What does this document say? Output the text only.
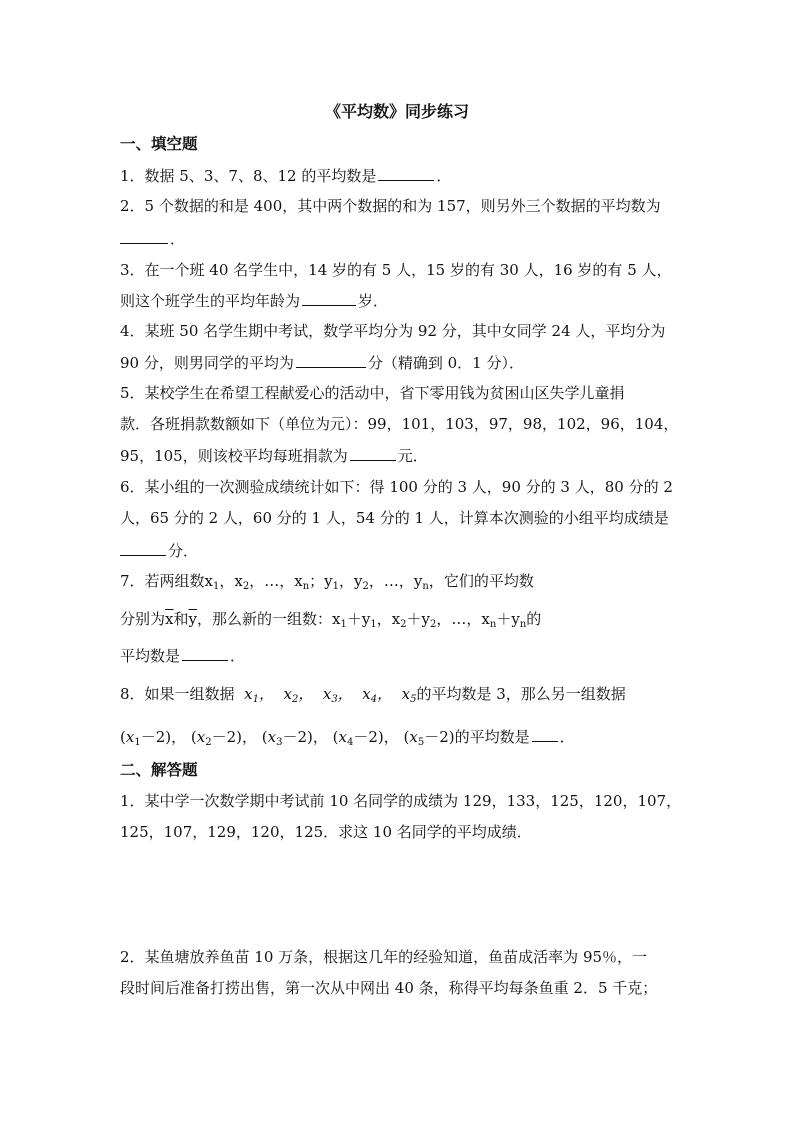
《平均数》同步练习
一、填空题
1．数据 5、3、7、8、12 的平均数是	．
2．5 个数据的和是 400，其中两个数据的和为 157，则另外三个数据的平均数为
．
3．在一个班 40 名学生中，14 岁的有 5 人，15 岁的有 30 人，16 岁的有 5 人，
则这个班学生的平均年龄为	岁．
4．某班 50 名学生期中考试，数学平均分为 92 分，其中女同学 24 人，平均分为
90 分，则男同学的平均为	分（精确到 0．1 分）．
5．某校学生在希望工程献爱心的活动中，省下零用钱为贫困山区失学儿童捐
款．各班捐款数额如下（单位为元）：99，101，103，97，98，102，96，104，
95，105，则该校平均每班捐款为	元．
6．某小组的一次测验成绩统计如下：得 100 分的 3 人，90 分的 3 人，80 分的 2
人，65 分的 2 人，60 分的 1 人，54 分的 1 人，计算本次测验的小组平均成绩是
分．
7．若两组数$x_1$，$x_2$，…，$x_n$；$y_1$，$y_2$，…，$y_n$，它们的平均数
分别为$\overline{x}$和$\overline{y}$，那么新的一组数：$x_1+y_1$，$x_2+y_2$，…，$x_n+y_n$的
平均数是	．
8．如果一组数据 $x_1$，  $x_2$，  $x_3$，  $x_4$，  $x_5$的平均数是 3，那么另一组数据
$(x_1-2)$， $(x_2-2)$， $(x_3-2)$， $(x_4-2)$， $(x_5-2)$的平均数是 ．
二、解答题
1．某中学一次数学期中考试前 10 名同学的成绩为 129，133，125，120，107，
125，107，129，120，125．求这 10 名同学的平均成绩．
2．某鱼塘放养鱼苗 10 万条，根据这几年的经验知道，鱼苗成活率为 95％，一
段时间后准备打捞出售，第一次从中网出 40 条，称得平均每条鱼重 2．5 千克；
